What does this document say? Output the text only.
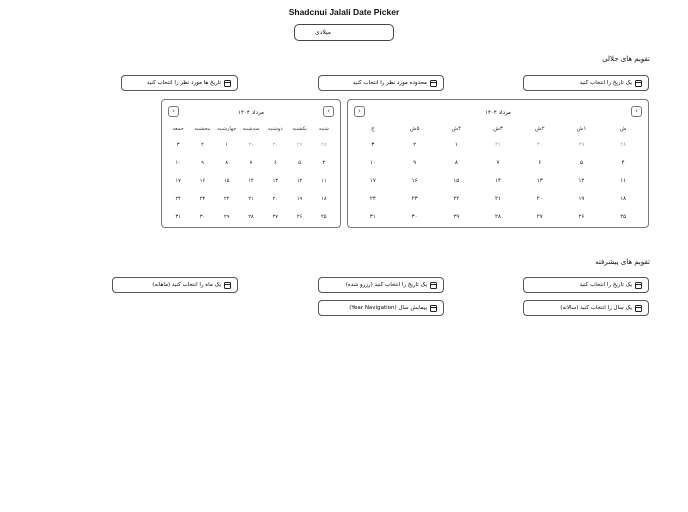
Shadcnui Jalali Date Picker
میلادی
تقویم های جلالی
یک تاریخ را انتخاب کنید
محدوده مورد نظر را انتخاب کنید
تاریخ ها مورد نظر را انتخاب کنید
مرداد ۱۴۰۴	›
‹
ش
۱ش
۲ش
۳ش
۴ش
۵ش
ج
۲۸
۲۹
۳۰
۳۱
۱
۲
۳
۴
۵
۶
۷
۸
۹
۱۰
۱۱
۱۲
۱۳
۱۴
۱۵
۱۶
۱۷
۱۸
۱۹
۲۰
۲۱
۲۲
۲۳
۲۴
۲۵
۲۶
۲۷
۲۸
۲۹
۳۰
۳۱
مرداد ۱۴۰۴	›
‹
شنبه
یکشنبه
دوشنبه
سه‌شنبه
چهارشنبه
پنجشنبه
جمعه
۲۸
۲۹
۳۰
۳۱
۱
۲
۳
۴
۵
۶
۷
۸
۹
۱۰
۱۱
۱۲
۱۳
۱۴
۱۵
۱۶
۱۷
۱۸
۱۹
۲۰
۲۱
۲۲
۲۳
۲۴
۲۵
۲۶
۲۷
۲۸
۲۹
۳۰
۳۱
تقویم های پیشرفته
یک تاریخ را انتخاب کنید
یک تاریخ را انتخاب کنید (رزرو شده)
یک ماه را انتخاب کنید (ماهانه)
یک سال را انتخاب کنید (سالانه)
پیمایش سال (Year Navigation)
